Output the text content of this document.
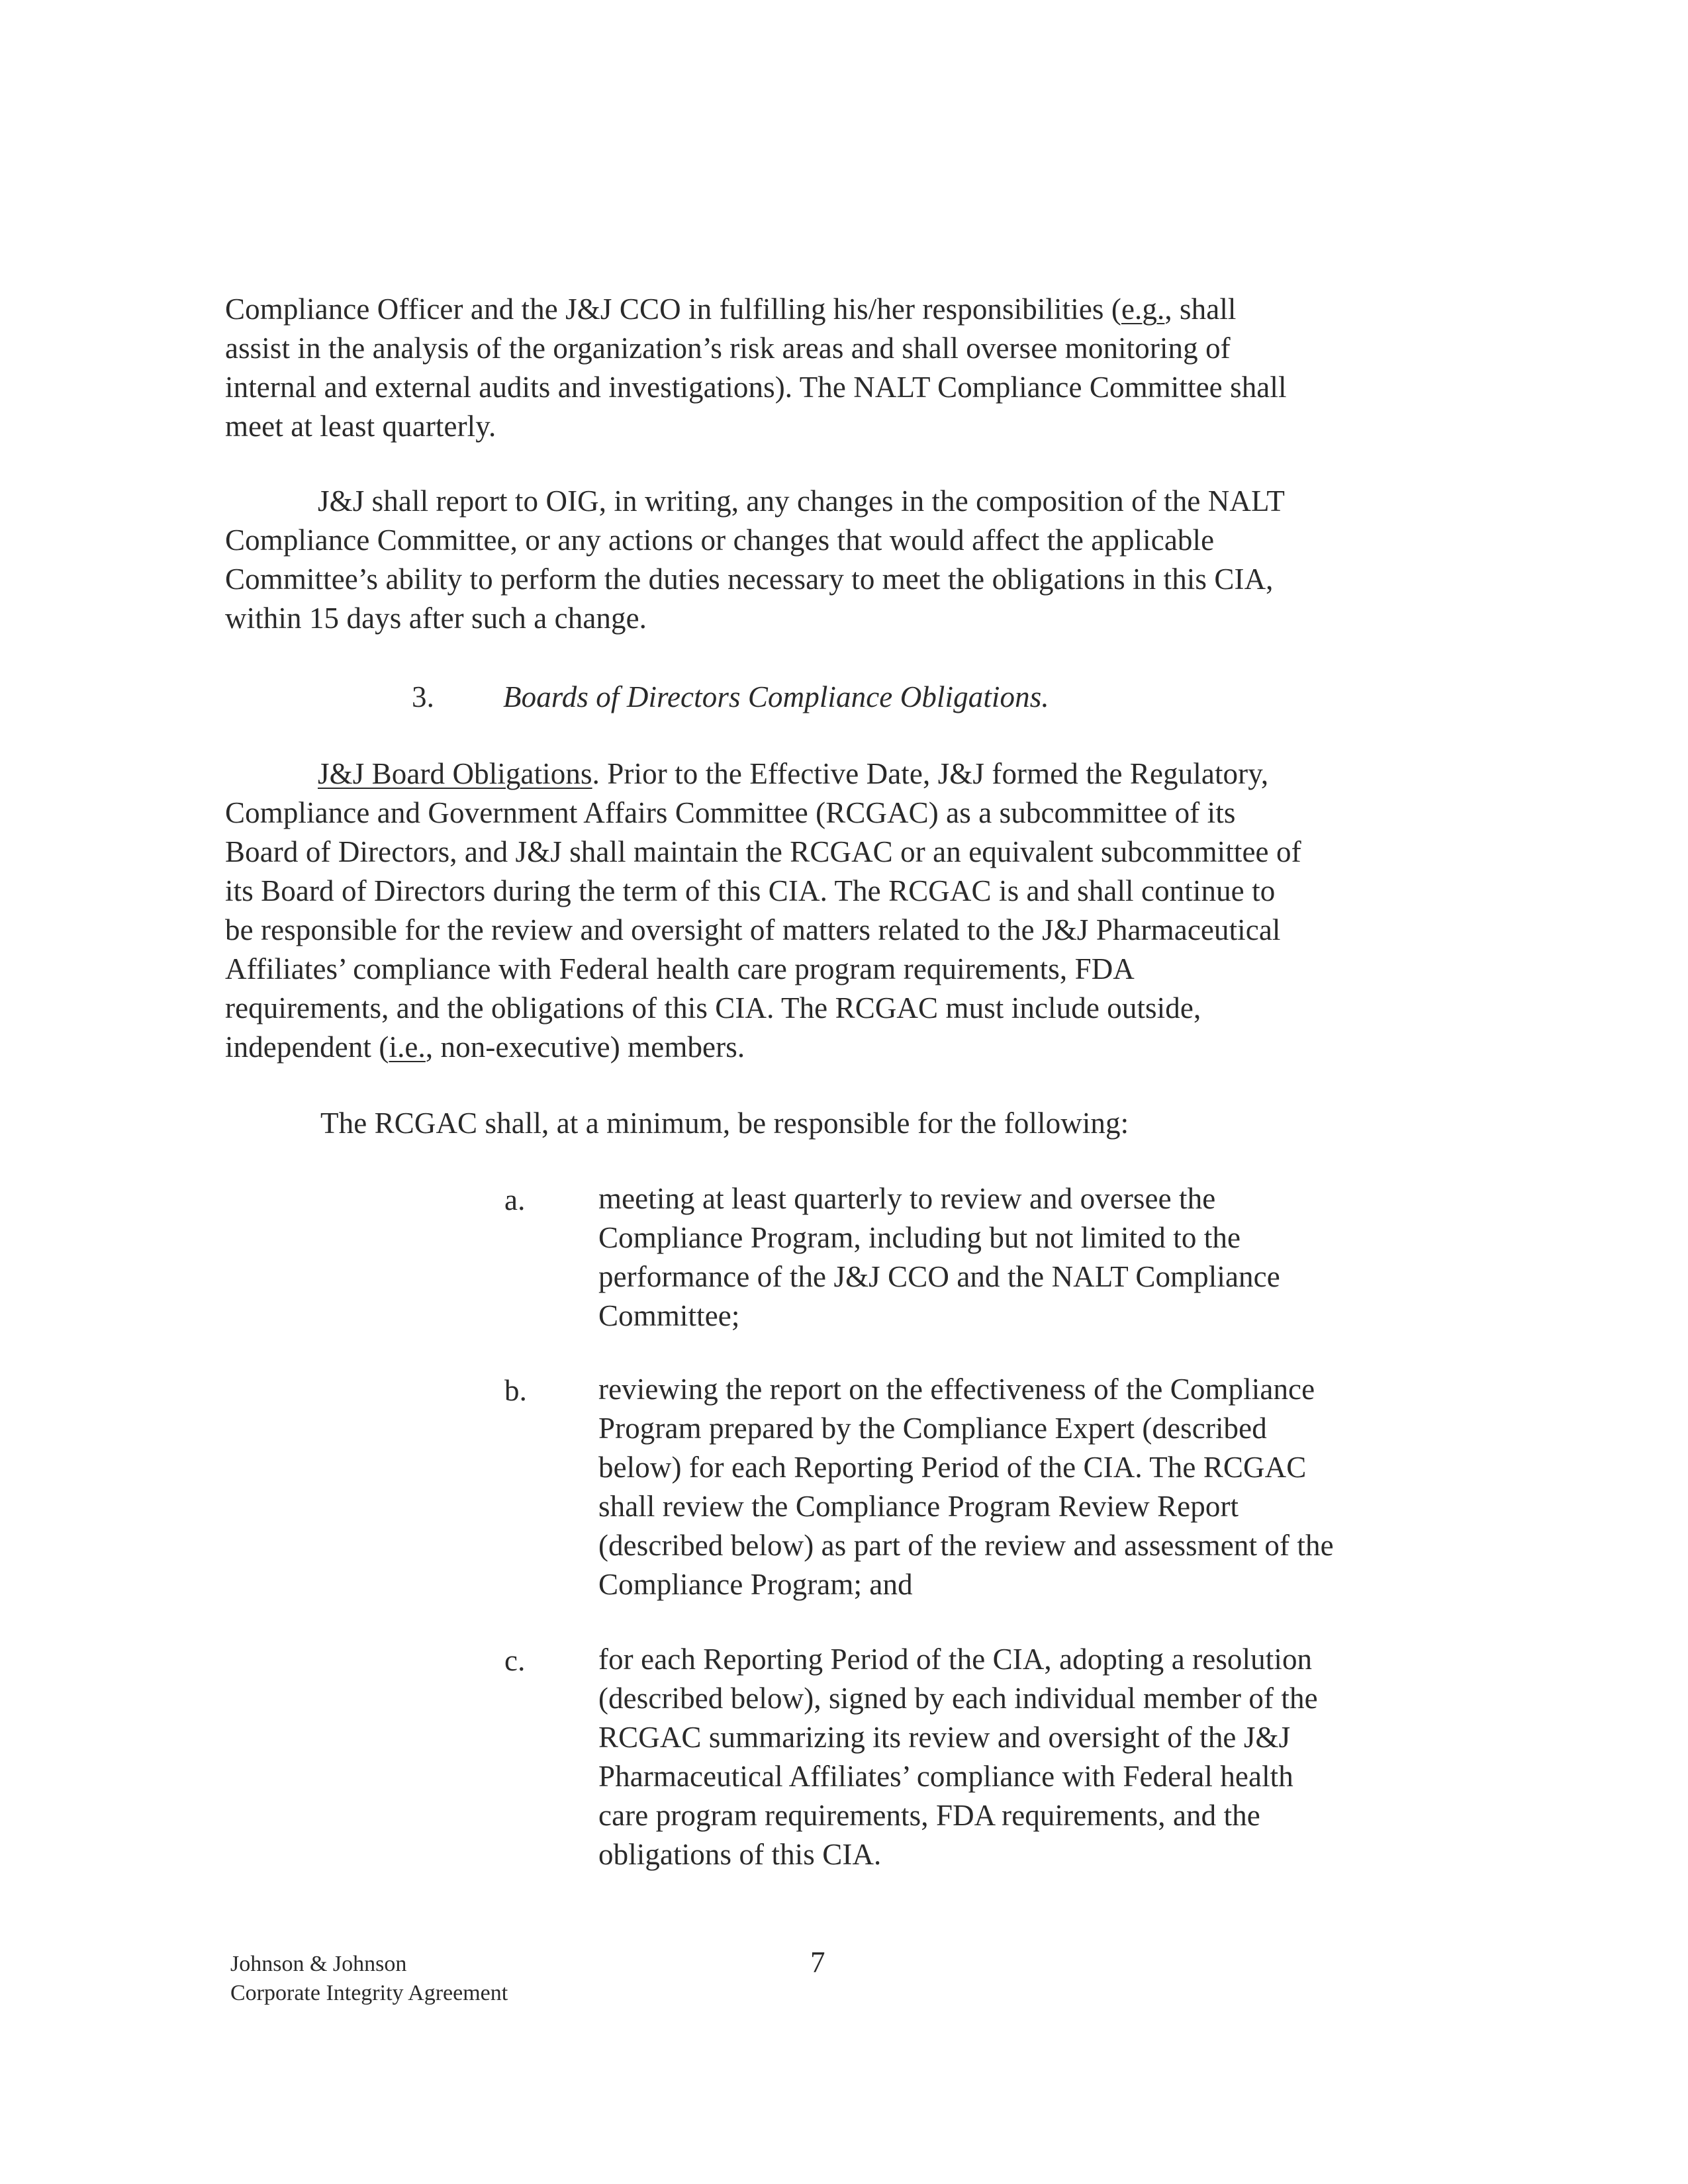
Compliance Officer and the J&J CCO in fulfilling his/her responsibilities (e.g., shall
assist in the analysis of the organization’s risk areas and shall oversee monitoring of
internal and external audits and investigations). The NALT Compliance Committee shall
meet at least quarterly.
J&J shall report to OIG, in writing, any changes in the composition of the NALT
Compliance Committee, or any actions or changes that would affect the applicable
Committee’s ability to perform the duties necessary to meet the obligations in this CIA,
within 15 days after such a change.
3. Boards of Directors Compliance Obligations.
J&J Board Obligations. Prior to the Effective Date, J&J formed the Regulatory,
Compliance and Government Affairs Committee (RCGAC) as a subcommittee of its
Board of Directors, and J&J shall maintain the RCGAC or an equivalent subcommittee of
its Board of Directors during the term of this CIA. The RCGAC is and shall continue to
be responsible for the review and oversight of matters related to the J&J Pharmaceutical
Affiliates’ compliance with Federal health care program requirements, FDA
requirements, and the obligations of this CIA. The RCGAC must include outside,
independent (i.e., non-executive) members.
The RCGAC shall, at a minimum, be responsible for the following:
a. meeting at least quarterly to review and oversee the
Compliance Program, including but not limited to the
performance of the J&J CCO and the NALT Compliance
Committee;
b. reviewing the report on the effectiveness of the Compliance
Program prepared by the Compliance Expert (described
below) for each Reporting Period of the CIA. The RCGAC
shall review the Compliance Program Review Report
(described below) as part of the review and assessment of the
Compliance Program; and
c. for each Reporting Period of the CIA, adopting a resolution
(described below), signed by each individual member of the
RCGAC summarizing its review and oversight of the J&J
Pharmaceutical Affiliates’ compliance with Federal health
care program requirements, FDA requirements, and the
obligations of this CIA.
Johnson & Johnson
Corporate Integrity Agreement
7
